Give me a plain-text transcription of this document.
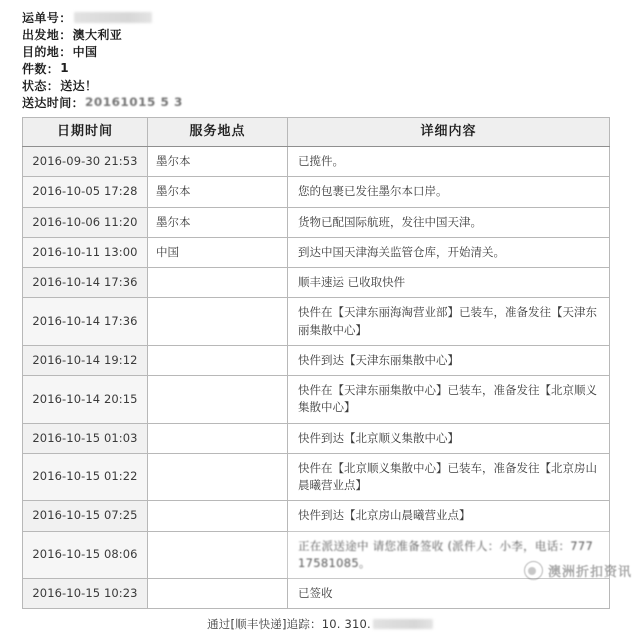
运单号：
出发地： 澳大利亚
目的地： 中国
件数： 1
状态： 送达！
送达时间： 20161015 5 3
日期时间	服务地点	详细内容
2016-09-30 21:53	墨尔本	已揽件。
2016-10-05 17:28	墨尔本	您的包裹已发往墨尔本口岸。
2016-10-06 11:20	墨尔本	货物已配国际航班，发往中国天津。
2016-10-11 13:00	中国	到达中国天津海关监管仓库，开始清关。
2016-10-14 17:36		顺丰速运 已收取快件
2016-10-14 17:36		快件在【天津东丽海淘营业部】已装车，准备发往【天津东丽集散中心】
2016-10-14 19:12		快件到达【天津东丽集散中心】
2016-10-14 20:15		快件在【天津东丽集散中心】已装车，准备发往【北京顺义集散中心】
2016-10-15 01:03		快件到达【北京顺义集散中心】
2016-10-15 01:22		快件在【北京顺义集散中心】已装车，准备发往【北京房山晨曦营业点】
2016-10-15 07:25		快件到达【北京房山晨曦营业点】
2016-10-15 08:06		正在派送途中 请您准备签收 (派件人：小李，电话：77717581085。
2016-10-15 10:23		已签收
通过[顺丰快递]追踪： 10. 310.
澳洲折扣资讯
